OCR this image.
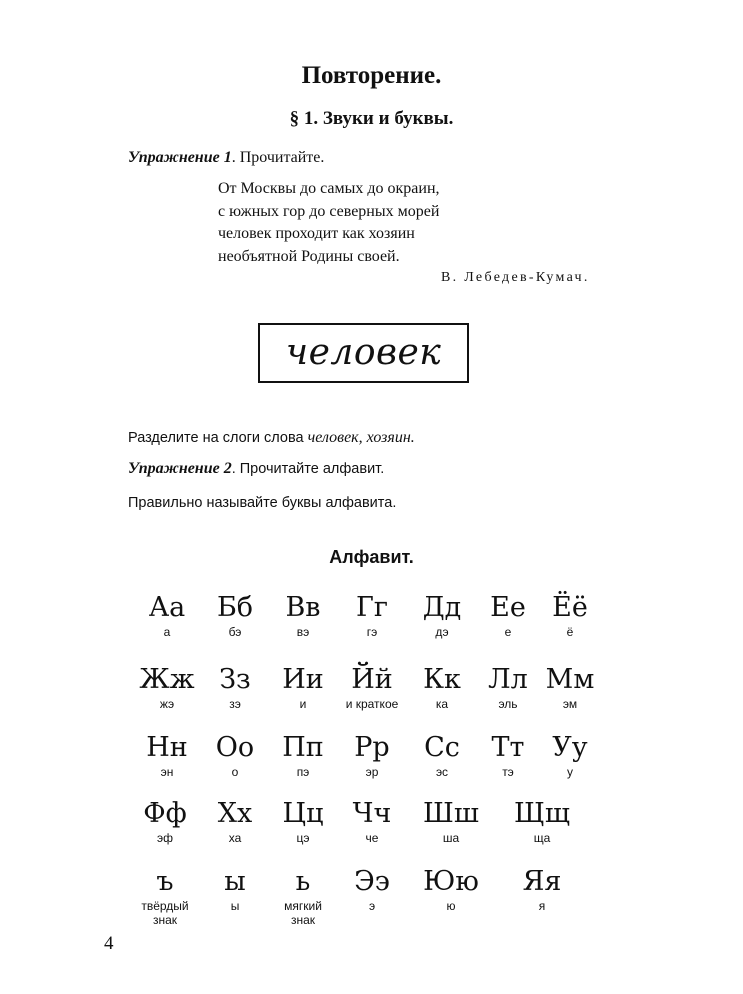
Повторение.
§ 1. Звуки и буквы.
Упражнение 1. Прочитайте.
От Москвы до самых до окраин,
с южных гор до северных морей
человек проходит как хозяин
необъятной Родины своей.
В. Лебедев-Кумач.
человек
Разделите на слоги слова человек, хозяин.
Упражнение 2. Прочитайте алфавит.
Правильно называйте буквы алфавита.
Алфавит.
Аа
а
Бб
бэ
Вв
вэ
Гг
гэ
Дд
дэ
Ее
е
Ёё
ё
Жж
жэ
Зз
зэ
Ии
и
Йй
и краткое
Кк
ка
Лл
эль
Мм
эм
Нн
эн
Оо
о
Пп
пэ
Рр
эр
Сс
эс
Тт
тэ
Уу
у
Фф
эф
Хх
ха
Цц
цэ
Чч
че
Шш
ша
Щщ
ща
ъ
твёрдый знак
ы
ы
ь
мягкий знак
Ээ
э
Юю
ю
Яя
я
4
